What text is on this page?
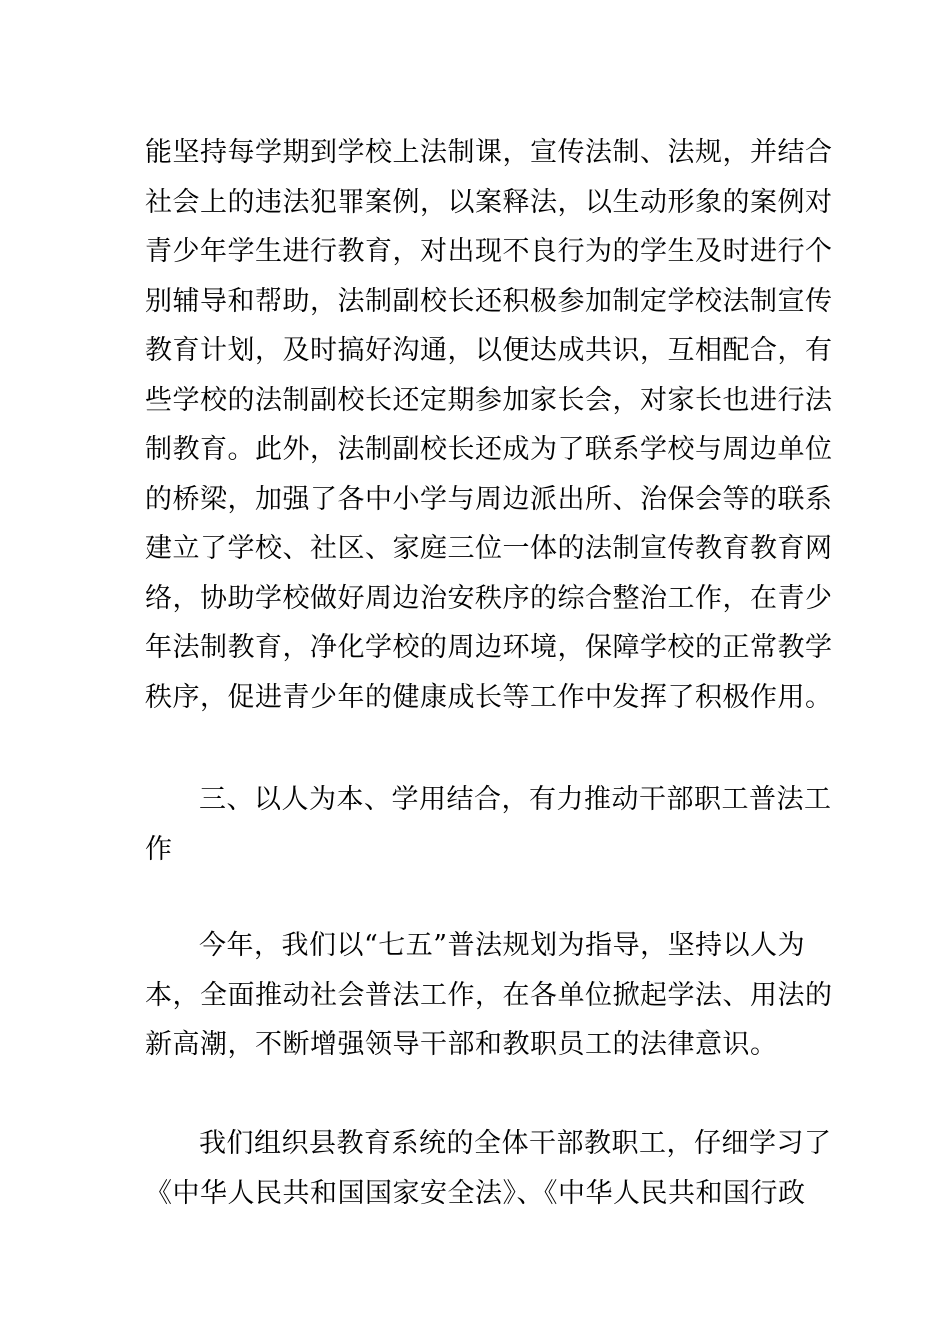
能坚持每学期到学校上法制课，宣传法制、法规，并结合
社会上的违法犯罪案例，以案释法，以生动形象的案例对
青少年学生进行教育，对出现不良行为的学生及时进行个
别辅导和帮助，法制副校长还积极参加制定学校法制宣传
教育计划，及时搞好沟通，以便达成共识，互相配合，有
些学校的法制副校长还定期参加家长会，对家长也进行法
制教育。此外，法制副校长还成为了联系学校与周边单位
的桥梁，加强了各中小学与周边派出所、治保会等的联系
建立了学校、社区、家庭三位一体的法制宣传教育教育网
络，协助学校做好周边治安秩序的综合整治工作，在青少
年法制教育，净化学校的周边环境，保障学校的正常教学
秩序，促进青少年的健康成长等工作中发挥了积极作用。
三、以人为本、学用结合，有力推动干部职工普法工
作
今年，我们以“七五”普法规划为指导，坚持以人为
本，全面推动社会普法工作，在各单位掀起学法、用法的
新高潮，不断增强领导干部和教职员工的法律意识。
我们组织县教育系统的全体干部教职工，仔细学习了
《中华人民共和国国家安全法》、《中华人民共和国行政
